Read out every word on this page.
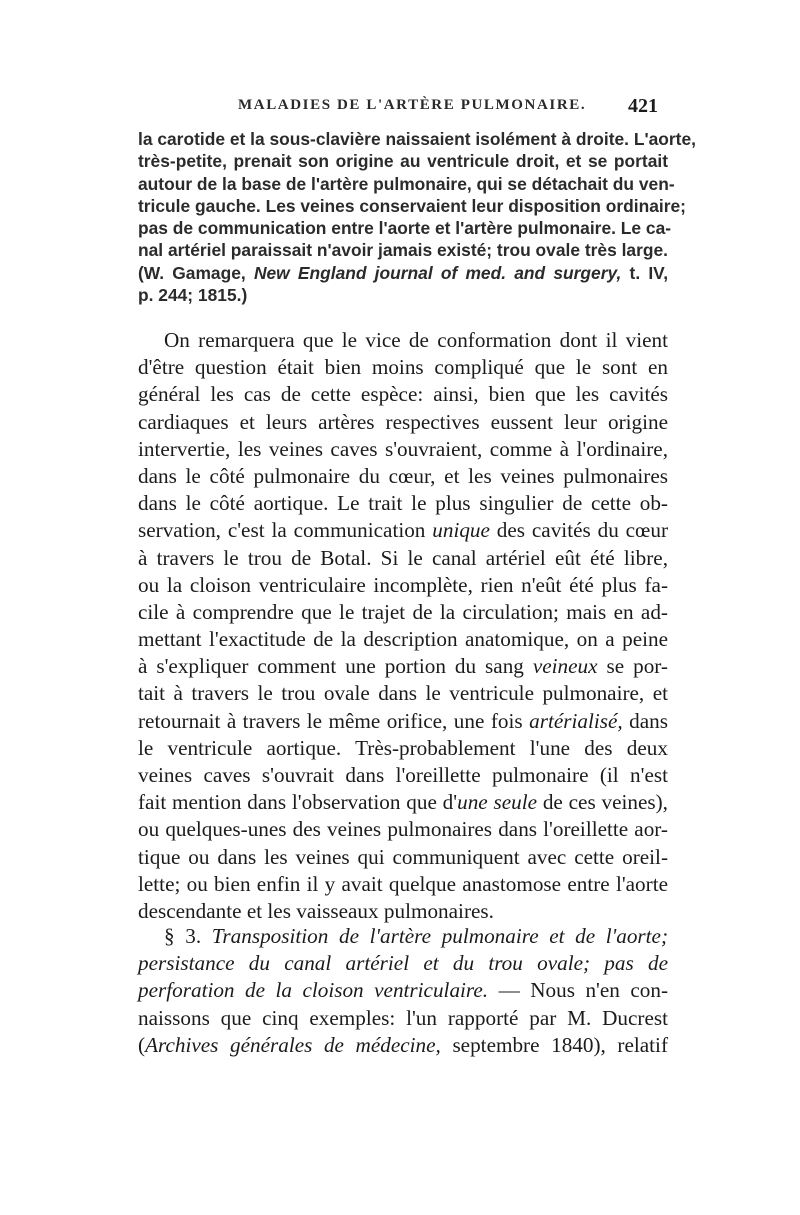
MALADIES DE L'ARTÈRE PULMONAIRE. 421
la carotide et la sous-clavière naissaient isolément à droite. L'aorte,
très-petite, prenait son origine au ventricule droit, et se portait
autour de la base de l'artère pulmonaire, qui se détachait du ven-
tricule gauche. Les veines conservaient leur disposition ordinaire;
pas de communication entre l'aorte et l'artère pulmonaire. Le ca-
nal artériel paraissait n'avoir jamais existé; trou ovale très large.
(W. Gamage, New England journal of med. and surgery, t. IV,
p. 244; 1815.)
On remarquera que le vice de conformation dont il vient
d'être question était bien moins compliqué que le sont en
général les cas de cette espèce: ainsi, bien que les cavités
cardiaques et leurs artères respectives eussent leur origine
intervertie, les veines caves s'ouvraient, comme à l'ordinaire,
dans le côté pulmonaire du cœur, et les veines pulmonaires
dans le côté aortique. Le trait le plus singulier de cette ob-
servation, c'est la communication unique des cavités du cœur
à travers le trou de Botal. Si le canal artériel eût été libre,
ou la cloison ventriculaire incomplète, rien n'eût été plus fa-
cile à comprendre que le trajet de la circulation; mais en ad-
mettant l'exactitude de la description anatomique, on a peine
à s'expliquer comment une portion du sang veineux se por-
tait à travers le trou ovale dans le ventricule pulmonaire, et
retournait à travers le même orifice, une fois artérialisé, dans
le ventricule aortique. Très-probablement l'une des deux
veines caves s'ouvrait dans l'oreillette pulmonaire (il n'est
fait mention dans l'observation que d'une seule de ces veines),
ou quelques-unes des veines pulmonaires dans l'oreillette aor-
tique ou dans les veines qui communiquent avec cette oreil-
lette; ou bien enfin il y avait quelque anastomose entre l'aorte
descendante et les vaisseaux pulmonaires.
§ 3. Transposition de l'artère pulmonaire et de l'aorte;
persistance du canal artériel et du trou ovale; pas de
perforation de la cloison ventriculaire. — Nous n'en con-
naissons que cinq exemples: l'un rapporté par M. Ducrest
(Archives générales de médecine, septembre 1840), relatif
